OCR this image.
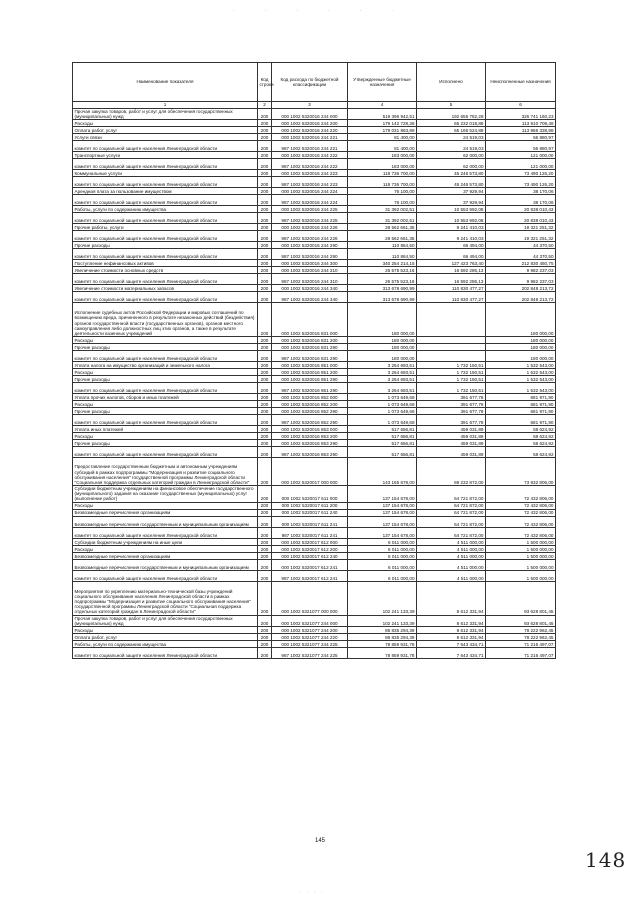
· · · · · ·
Наименование показателя	Код строки	Код расхода по бюджетной классификации	Утвержденные бюджетные назначения	Исполнено	Неисполненные назначения
1	2	3	4	5	6
Прочая закупка товаров, работ и услуг для обеспечения государственных (муниципальных) нужд	200	000 1002 5320016 244 000	519 396 942,51	192 655 782,28	326 741 160,23
Расходы	200	000 1002 5320016 244 200	179 142 728,36	65 232 018,88	113 910 709,48
Оплата работ, услуг	200	000 1002 5320016 244 220	179 031 863,86	65 165 524,88	113 866 338,98
Услуги связи	200	000 1002 5320016 244 221	81 400,00	24 519,03	56 880,97
комитет по социальной защите населения Ленинградской области	200	987 1002 5320016 244 221	81 400,00	24 519,03	56 880,97
Транспортные услуги	200	000 1002 5320016 244 222	183 000,00	62 000,00	121 000,00
комитет по социальной защите населения Ленинградской области	200	987 1002 5320016 244 222	183 000,00	62 000,00	121 000,00
Коммунальные услуги	200	000 1002 5320016 244 223	118 736 700,00	45 246 573,80	73 490 126,20
комитет по социальной защите населения Ленинградской области	200	987 1002 5320016 244 223	118 736 700,00	45 246 573,80	73 490 126,20
Арендная плата за пользование имуществом	200	000 1002 5320016 244 224	76 100,00	37 929,94	38 170,06
комитет по социальной защите населения Ленинградской области	200	987 1002 5320016 244 224	76 100,00	37 929,94	38 170,06
Работы, услуги по содержанию имущества	200	000 1002 5320016 244 225	31 392 002,51	10 553 992,08	20 838 010,43
комитет по социальной защите населения Ленинградской области	200	987 1002 5320016 244 225	31 392 002,51	10 553 992,08	20 838 010,43
Прочие работы, услуги	200	000 1002 5320016 244 226	28 562 661,35	9 241 410,03	19 321 251,32
комитет по социальной защите населения Ленинградской области	200	987 1002 5320016 244 226	28 562 661,35	9 241 410,03	19 321 251,32
Прочие расходы	200	000 1002 5320016 244 290	110 864,50	66 494,00	44 370,50
комитет по социальной защите населения Ленинградской области	200	987 1002 5320016 244 290	110 864,50	66 494,00	44 370,50
Поступление нефинансовых активов	200	000 1002 5320016 244 300	340 254 214,15	127 423 763,40	212 830 450,75
Увеличение стоимости основных средств	200	000 1002 5320016 244 310	26 575 523,16	16 592 286,13	9 982 237,03
комитет по социальной защите населения Ленинградской области	200	987 1002 5320016 244 310	26 575 523,16	16 592 286,13	9 982 237,03
Увеличение стоимости материальных запасов	200	000 1002 5320016 244 340	313 678 690,99	110 830 477,27	202 848 213,72
комитет по социальной защите населения Ленинградской области	200	987 1002 5320016 244 340	313 678 690,99	110 830 477,27	202 848 213,72
Исполнение судебных актов Российской Федерации и мировых соглашений по возмещению вреда, причиненного в результате незаконных действий (бездействия) органов государственной власти (государственных органов), органов местного самоуправления либо должностных лиц этих органов, а также в результате деятельности казенных учреждений	200	000 1002 5320016 831 000	180 000,00		180 000,00
Расходы	200	000 1002 5320016 831 200	180 000,00		180 000,00
Прочие расходы	200	000 1002 5320016 831 290	180 000,00		180 000,00
комитет по социальной защите населения Ленинградской области	200	987 1002 5320016 831 290	180 000,00		180 000,00
Уплата налога на имущество организаций и земельного налога	200	000 1002 5320016 851 000	3 264 693,51	1 732 150,51	1 532 543,00
Расходы	200	000 1002 5320016 851 200	3 264 693,51	1 732 150,51	1 532 543,00
Прочие расходы	200	000 1002 5320016 851 290	3 264 693,51	1 732 150,51	1 532 543,00
комитет по социальной защите населения Ленинградской области	200	987 1002 5320016 851 290	3 264 693,51	1 732 150,51	1 532 543,00
Уплата прочих налогов, сборов и иных платежей	200	000 1002 5320016 852 000	1 073 649,68	391 677,78	681 971,90
Расходы	200	000 1002 5320016 852 200	1 073 649,68	391 677,78	681 971,90
Прочие расходы	200	000 1002 5320016 852 290	1 073 649,68	391 677,78	681 971,90
комитет по социальной защите населения Ленинградской области	200	987 1002 5320016 852 290	1 073 649,68	391 677,78	681 971,90
Уплата иных платежей	200	000 1002 5320016 853 000	517 656,81	459 031,89	58 624,92
Расходы	200	000 1002 5320016 853 200	517 656,81	459 031,89	58 624,92
Прочие расходы	200	000 1002 5320016 853 290	517 656,81	459 031,89	58 624,92
комитет по социальной защите населения Ленинградской области	200	987 1002 5320016 853 290	517 656,81	459 031,89	58 624,92
Предоставление государственным бюджетным и автономным учреждениям субсидий в рамках подпрограммы "Модернизация и развитие социального обслуживания населения" государственной программы Ленинградской области "Социальная поддержка отдельных категорий граждан в Ленинградской области"	200	000 1002 5320017 000 000	143 165 678,00	69 232 872,00	73 932 806,00
Субсидии бюджетным учреждениям на финансовое обеспечение государственного (муниципального) задания на оказание государственных (муниципальных) услуг (выполнение работ)	200	000 1002 5320017 611 000	137 154 678,00	64 721 872,00	72 432 806,00
Расходы	200	000 1002 5320017 611 200	137 154 678,00	64 721 872,00	72 432 806,00
Безвозмездные перечисления организациям	200	000 1002 5320017 611 240	137 154 678,00	64 721 872,00	72 432 806,00
Безвозмездные перечисления государственным и муниципальным организациям	200	000 1002 5320017 611 241	137 154 678,00	64 721 872,00	72 432 806,00
комитет по социальной защите населения Ленинградской области	200	987 1002 5320017 611 241	137 154 678,00	64 721 872,00	72 432 806,00
Субсидии бюджетным учреждениям на иные цели	200	000 1002 5320017 612 000	6 011 000,00	4 511 000,00	1 500 000,00
Расходы	200	000 1002 5320017 612 200	6 011 000,00	4 511 000,00	1 500 000,00
Безвозмездные перечисления организациям	200	000 1002 5320017 612 240	6 011 000,00	4 511 000,00	1 500 000,00
Безвозмездные перечисления государственным и муниципальным организациям	200	000 1002 5320017 612 241	6 011 000,00	4 511 000,00	1 500 000,00
комитет по социальной защите населения Ленинградской области	200	987 1002 5320017 612 241	6 011 000,00	4 511 000,00	1 500 000,00
Мероприятия по укреплению материально-технической базы учреждений социального обслуживания населения Ленинградской области в рамках подпрограммы "Модернизация и развитие социального обслуживания населения" государственной программы Ленинградской области "Социальная поддержка отдельных категорий граждан в Ленинградской области"	200	000 1002 5321077 000 000	102 241 133,39	8 612 331,94	93 628 801,45
Прочая закупка товаров, работ и услуг для обеспечения государственных (муниципальных) нужд	200	000 1002 5321077 244 000	102 241 133,39	8 612 331,94	93 628 801,45
Расходы	200	000 1002 5321077 244 200	86 835 294,39	8 612 331,94	78 222 962,45
Оплата работ, услуг	200	000 1002 5321077 244 220	86 835 294,39	8 612 331,94	78 222 962,45
Работы, услуги по содержанию имущества	200	000 1002 5321077 244 225	78 859 931,78	7 643 434,71	71 216 497,07
комитет по социальной защите населения Ленинградской области	200	987 1002 5321077 244 225	78 859 931,78	7 643 434,71	71 216 497,07
145
148
· · · ·
